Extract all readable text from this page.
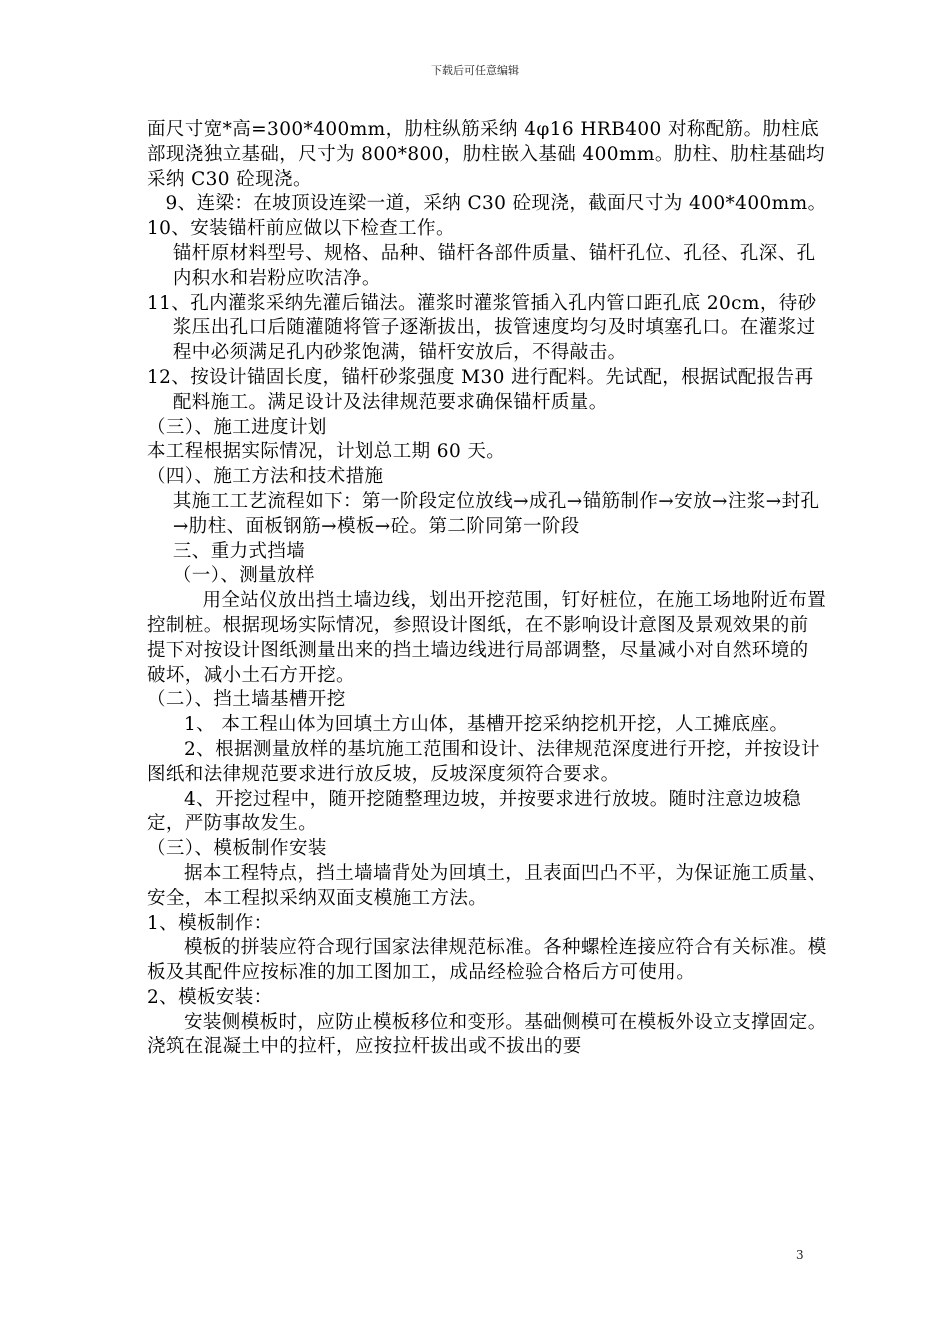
下载后可任意编辑

面尺寸宽*高=300*400mm，肋柱纵筋采纳 4φ16 HRB400 对称配筋。肋柱底部现浇独立基础，尺寸为 800*800，肋柱嵌入基础 400mm。肋柱、肋柱基础均采纳 C30 砼现浇。

9、连梁：在坡顶设连梁一道，采纳 C30 砼现浇，截面尺寸为 400*400mm。

10、安装锚杆前应做以下检查工作。

锚杆原材料型号、规格、品种、锚杆各部件质量、锚杆孔位、孔径、孔深、孔内积水和岩粉应吹洁净。

11、孔内灌浆采纳先灌后锚法。灌浆时灌浆管插入孔内管口距孔底 20cm，待砂浆压出孔口后随灌随将管子逐渐拔出，拔管速度均匀及时填塞孔口。在灌浆过程中必须满足孔内砂浆饱满，锚杆安放后，不得敲击。

12、按设计锚固长度，锚杆砂浆强度 M30 进行配料。先试配，根据试配报告再配料施工。满足设计及法律规范要求确保锚杆质量。

（三）、施工进度计划

本工程根据实际情况，计划总工期 60 天。

（四）、施工方法和技术措施

其施工工艺流程如下：第一阶段定位放线→成孔→锚筋制作→安放→注浆→封孔→肋柱、面板钢筋→模板→砼。第二阶同第一阶段

三、重力式挡墙

（一）、测量放样

用全站仪放出挡土墙边线，划出开挖范围，钉好桩位，在施工场地附近布置控制桩。根据现场实际情况，参照设计图纸，在不影响设计意图及景观效果的前提下对按设计图纸测量出来的挡土墙边线进行局部调整，尽量减小对自然环境的破坏，减小土石方开挖。

（二）、挡土墙基槽开挖

1、 本工程山体为回填土方山体，基槽开挖采纳挖机开挖，人工摊底座。

2、根据测量放样的基坑施工范围和设计、法律规范深度进行开挖，并按设计图纸和法律规范要求进行放反坡，反坡深度须符合要求。

4、开挖过程中，随开挖随整理边坡，并按要求进行放坡。随时注意边坡稳定，严防事故发生。

（三）、模板制作安装

据本工程特点，挡土墙墙背处为回填土，且表面凹凸不平，为保证施工质量、安全，本工程拟采纳双面支模施工方法。

1、模板制作：

模板的拼装应符合现行国家法律规范标准。各种螺栓连接应符合有关标准。模板及其配件应按标准的加工图加工，成品经检验合格后方可使用。

2、模板安装：

安装侧模板时，应防止模板移位和变形。基础侧模可在模板外设立支撑固定。浇筑在混凝土中的拉杆，应按拉杆拔出或不拔出的要

3
